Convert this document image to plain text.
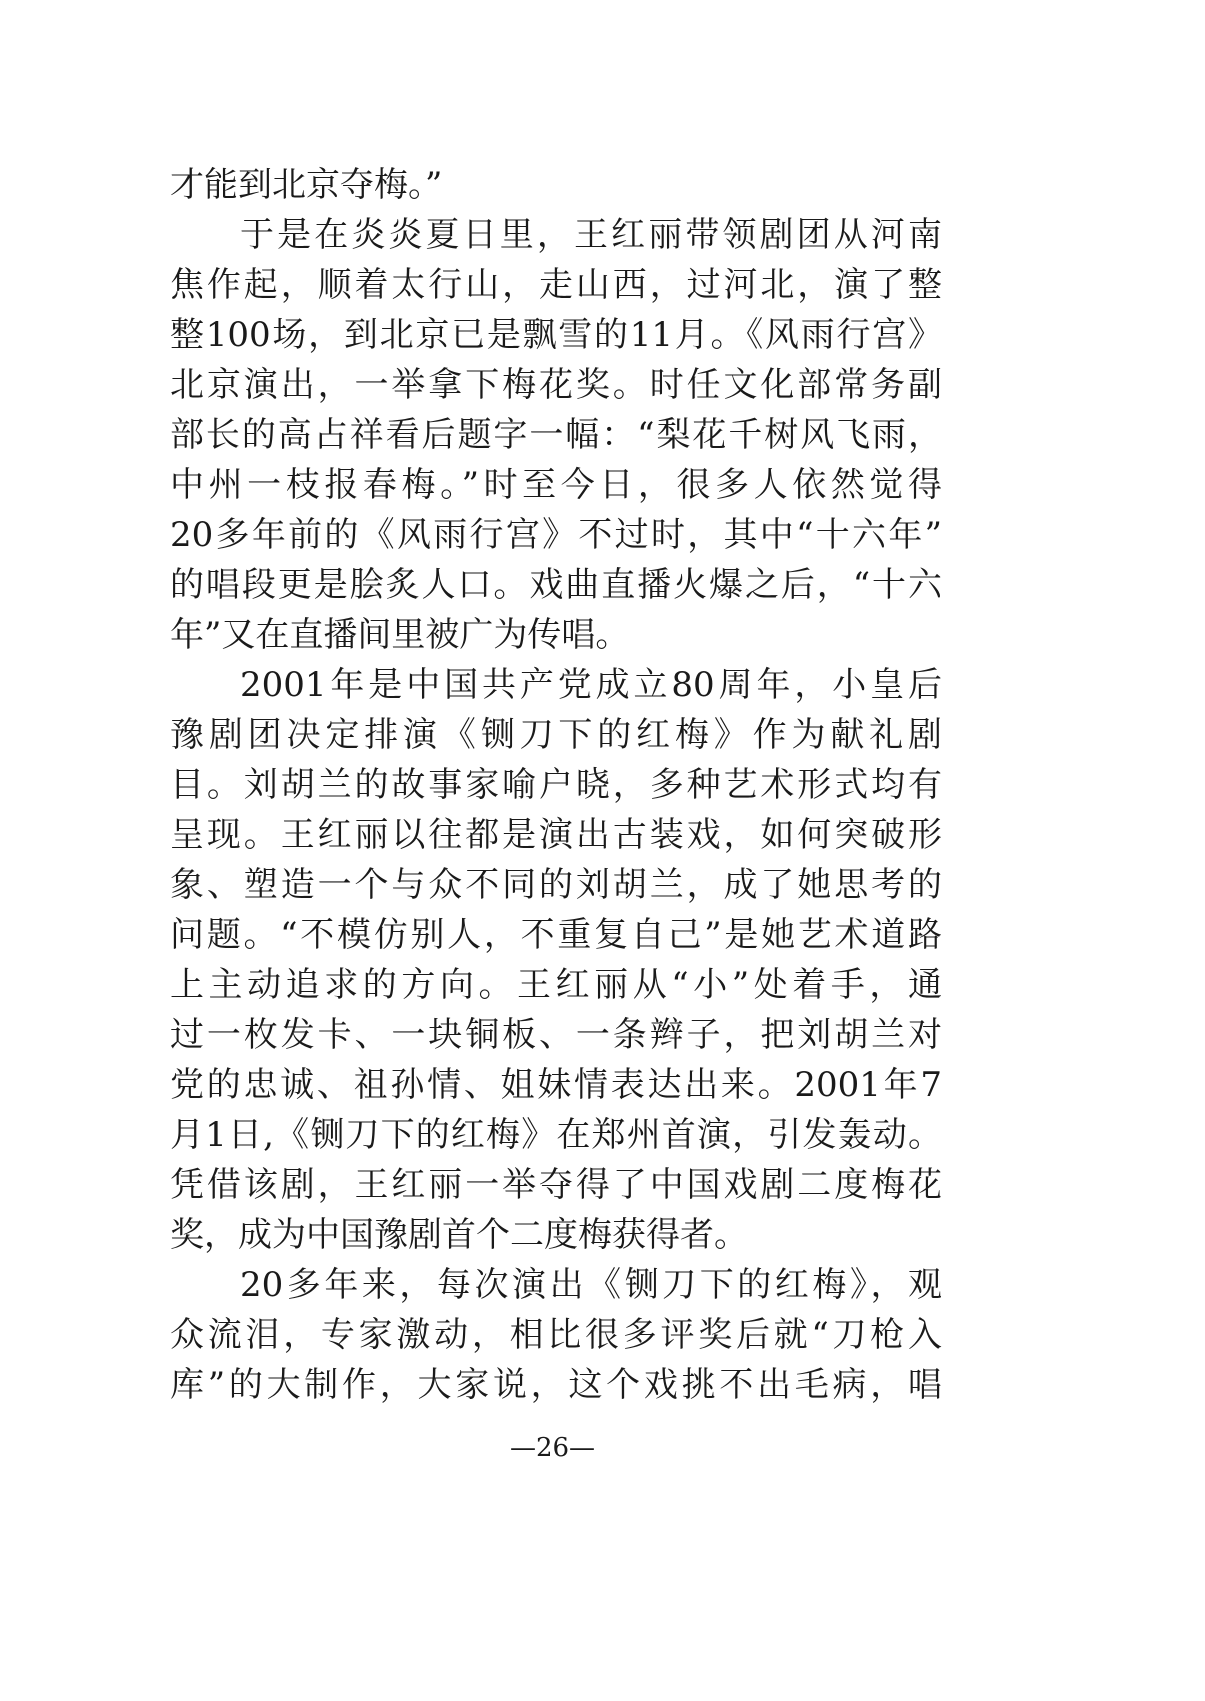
才能到北京夺梅。”
于是在炎炎夏日里，王红丽带领剧团从河南
焦作起，顺着太行山，走山西，过河北，演了整
整100场，到北京已是飘雪的11月。《风雨行宫》
北京演出，一举拿下梅花奖。时任文化部常务副
部长的高占祥看后题字一幅：“梨花千树风飞雨，
中州一枝报春梅。”时至今日，很多人依然觉得
20多年前的《风雨行宫》不过时，其中“十六年”
的唱段更是脍炙人口。戏曲直播火爆之后，“十六
年”又在直播间里被广为传唱。
2001年是中国共产党成立80周年，小皇后
豫剧团决定排演《铡刀下的红梅》作为献礼剧
目。刘胡兰的故事家喻户晓，多种艺术形式均有
呈现。王红丽以往都是演出古装戏，如何突破形
象、塑造一个与众不同的刘胡兰，成了她思考的
问题。“不模仿别人，不重复自己”是她艺术道路
上主动追求的方向。王红丽从“小”处着手，通
过一枚发卡、一块铜板、一条辫子，把刘胡兰对
党的忠诚、祖孙情、姐妹情表达出来。2001年7
月1日,《铡刀下的红梅》在郑州首演，引发轰动。
凭借该剧，王红丽一举夺得了中国戏剧二度梅花
奖，成为中国豫剧首个二度梅获得者。
20多年来，每次演出《铡刀下的红梅》，观
众流泪，专家激动，相比很多评奖后就“刀枪入
库”的大制作，大家说，这个戏挑不出毛病，唱
—26—
